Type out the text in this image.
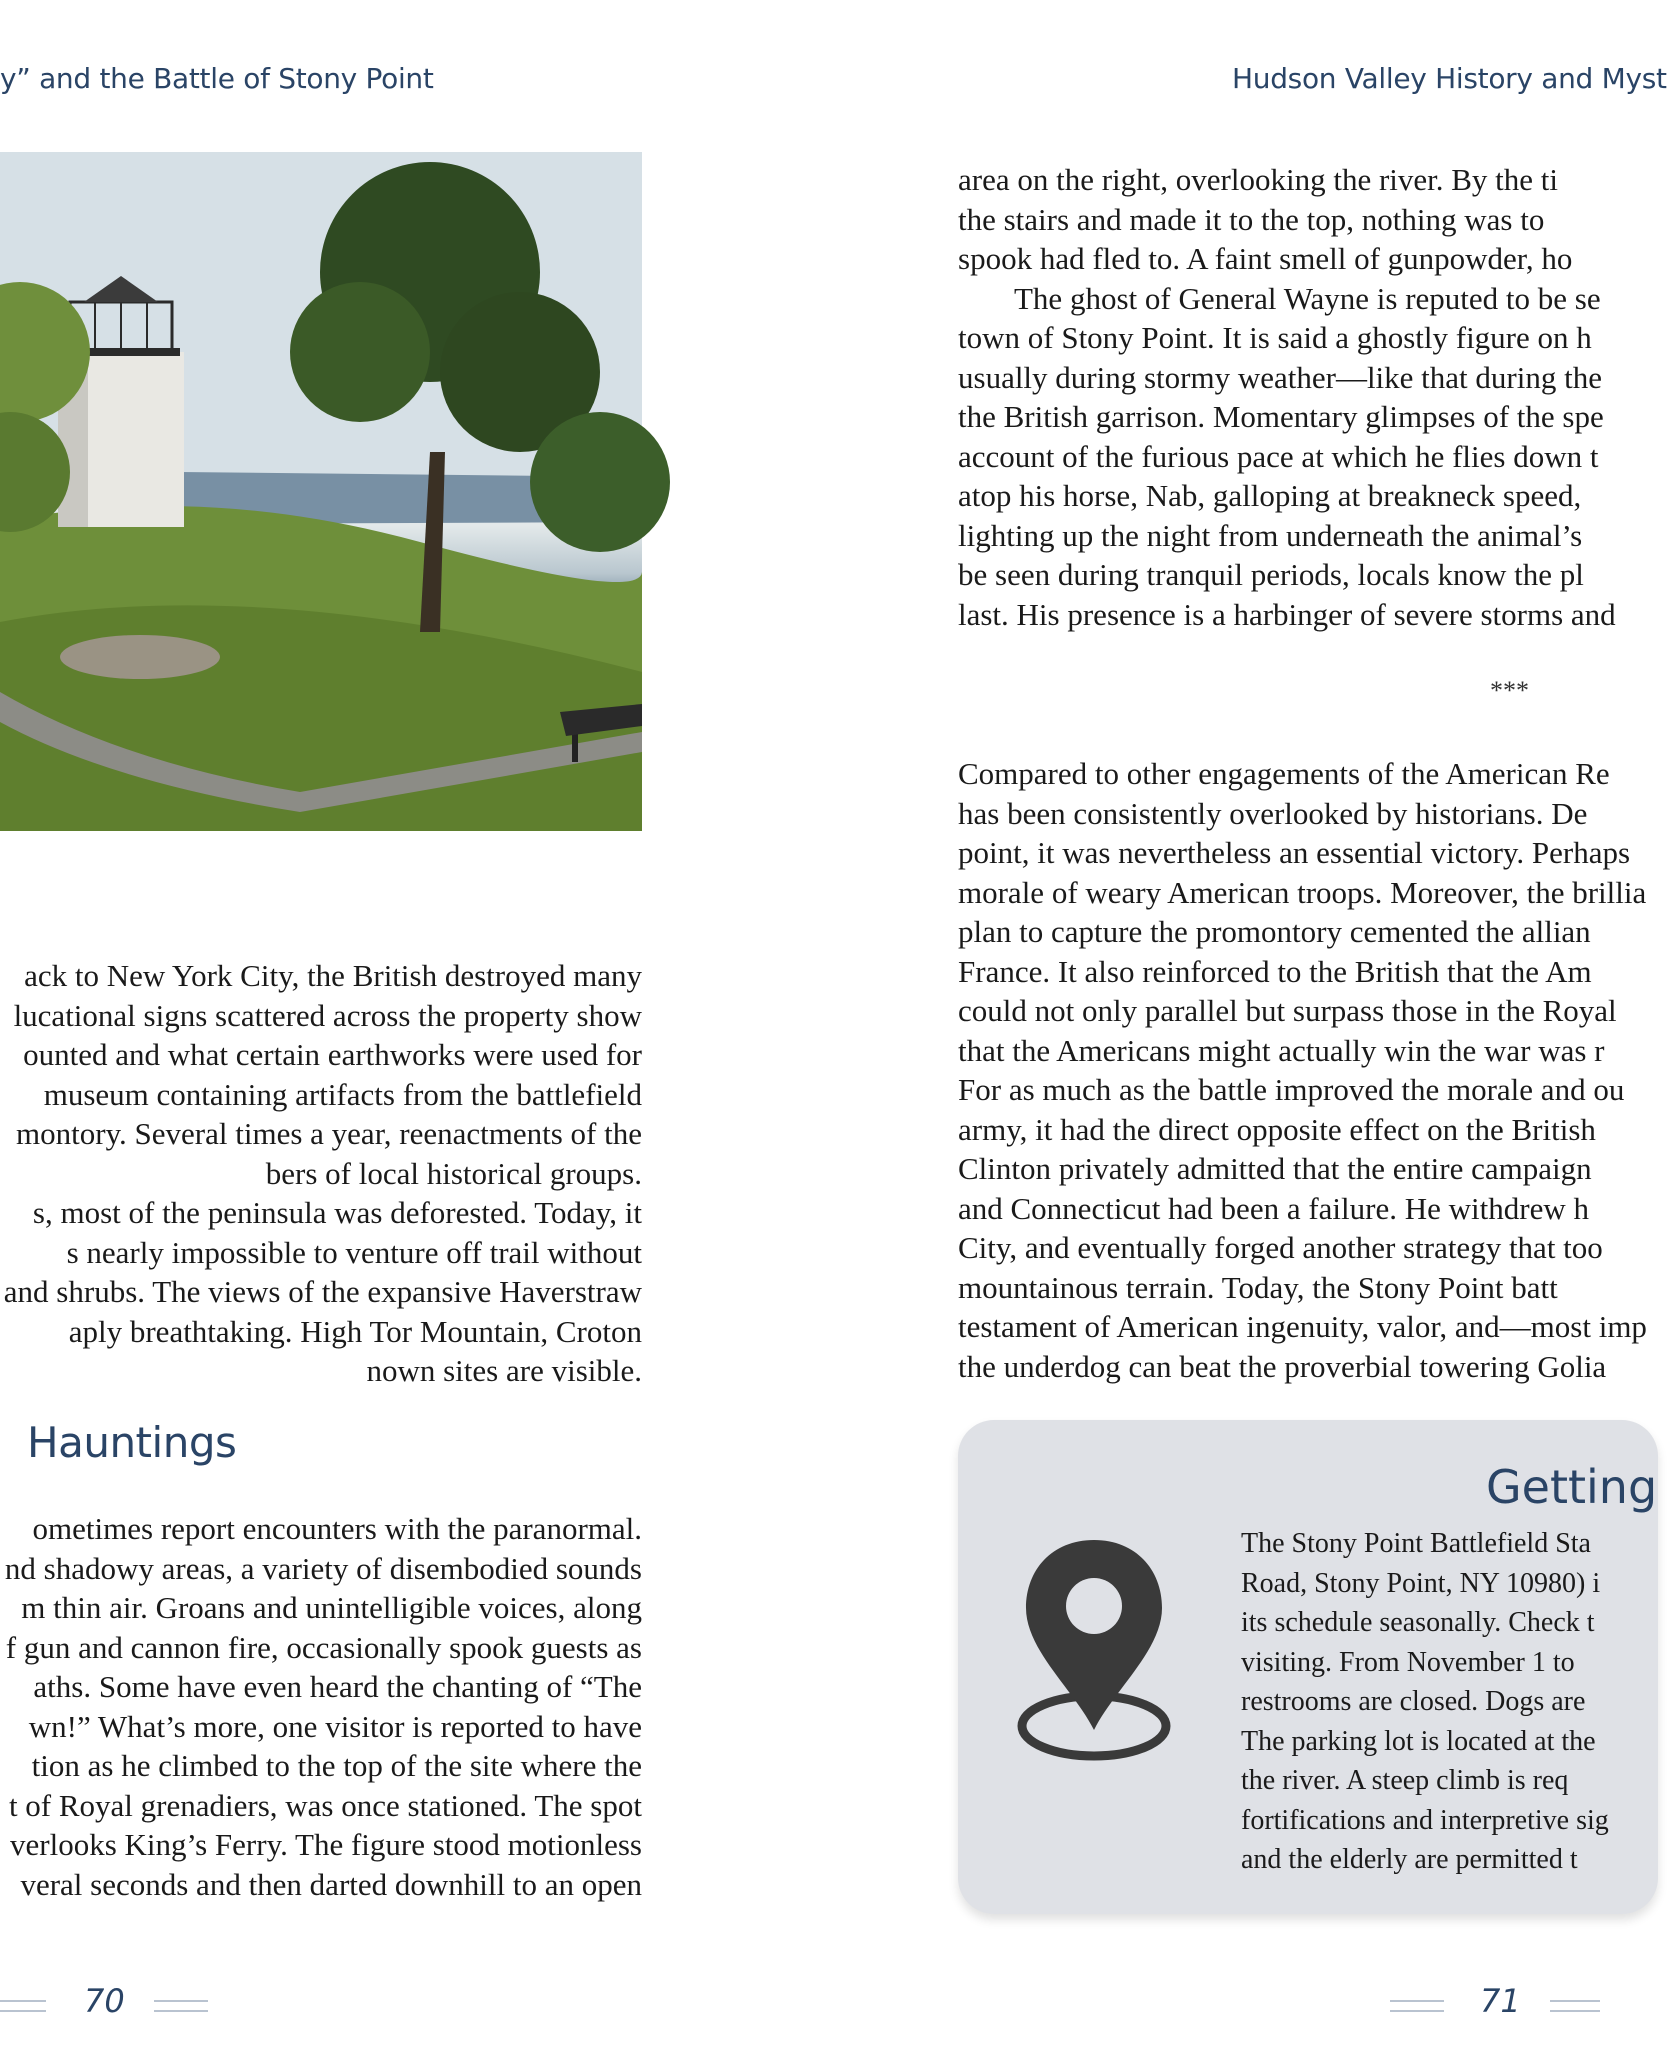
y” and the Battle of Stony Point	Hudson Valley History and Myst
ack to New York City, the British destroyed many
lucational signs scattered across the property show
ounted and what certain earthworks were used for
museum containing artifacts from the battlefield
montory. Several times a year, reenactments of the
bers of local historical groups.
s, most of the peninsula was deforested. Today, it
s nearly impossible to venture off trail without
and shrubs. The views of the expansive Haverstraw
aply breathtaking. High Tor Mountain, Croton
nown sites are visible.
Hauntings
ometimes report encounters with the paranormal.
nd shadowy areas, a variety of disembodied sounds
m thin air. Groans and unintelligible voices, along
f gun and cannon fire, occasionally spook guests as
aths. Some have even heard the chanting of “The
wn!” What’s more, one visitor is reported to have
tion as he climbed to the top of the site where the
t of Royal grenadiers, was once stationed. The spot
verlooks King’s Ferry. The figure stood motionless
veral seconds and then darted downhill to an open
area on the right, overlooking the river. By the ti
the stairs and made it to the top, nothing was to
spook had fled to. A faint smell of gunpowder, ho
The ghost of General Wayne is reputed to be se
town of Stony Point. It is said a ghostly figure on h
usually during stormy weather—like that during the
the British garrison. Momentary glimpses of the spe
account of the furious pace at which he flies down t
atop his horse, Nab, galloping at breakneck speed,
lighting up the night from underneath the animal’s
be seen during tranquil periods, locals know the pl
last. His presence is a harbinger of severe storms and
***
Compared to other engagements of the American Re
has been consistently overlooked by historians. De
point, it was nevertheless an essential victory. Perhaps
morale of weary American troops. Moreover, the brillia
plan to capture the promontory cemented the allian
France. It also reinforced to the British that the Am
could not only parallel but surpass those in the Royal
that the Americans might actually win the war was r
For as much as the battle improved the morale and ou
army, it had the direct opposite effect on the British
Clinton privately admitted that the entire campaign
and Connecticut had been a failure. He withdrew h
City, and eventually forged another strategy that too
mountainous terrain. Today, the Stony Point batt
testament of American ingenuity, valor, and—most imp
the underdog can beat the proverbial towering Golia
Getting
The Stony Point Battlefield Sta
Road, Stony Point, NY 10980) i
its schedule seasonally. Check t
visiting. From November 1 to
restrooms are closed. Dogs are
The parking lot is located at the
the river. A steep climb is req
fortifications and interpretive sig
and the elderly are permitted t
70	71
